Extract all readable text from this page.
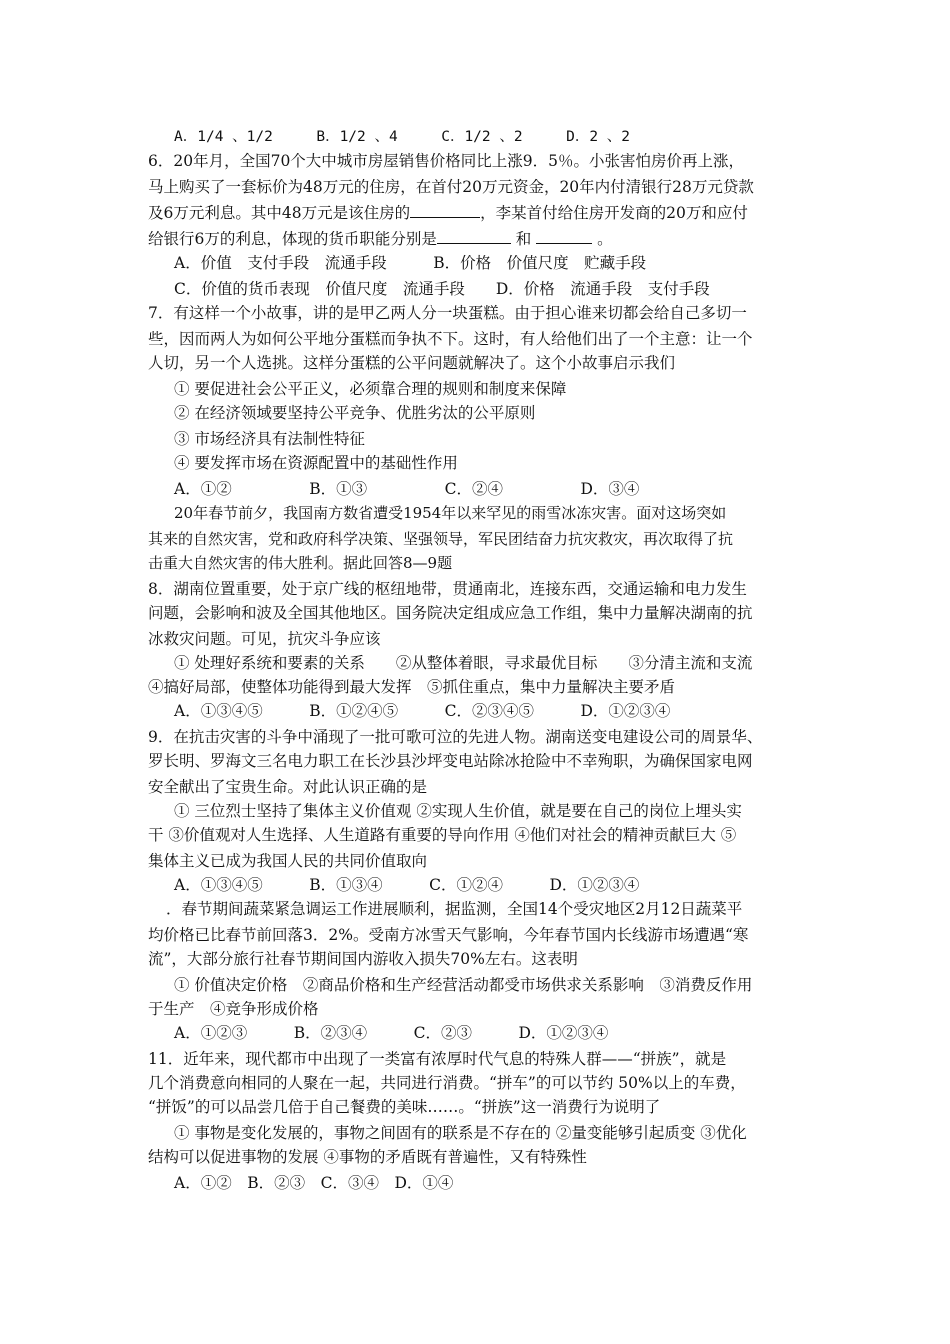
A．1/4 、1/2　　　B．1/2 、4　　　C．1/2 、2　　　D．2 、2
6．20年月，全国70个大中城市房屋销售价格同比上涨9．5％。小张害怕房价再上涨，
马上购买了一套标价为48万元的住房，在首付20万元资金，20年内付清银行28万元贷款
及6万元利息。其中48万元是该住房的	，李某首付给住房开发商的20万和应付
给银行6万的利息，体现的货币职能分别是	和	。
A．价值　支付手段　流通手段　　　B．价格　价值尺度　贮藏手段
C．价值的货币表现　价值尺度　流通手段　　D．价格　流通手段　支付手段
7．有这样一个小故事，讲的是甲乙两人分一块蛋糕。由于担心谁来切都会给自己多切一
些，因而两人为如何公平地分蛋糕而争执不下。这时，有人给他们出了一个主意：让一个
人切，另一个人选挑。这样分蛋糕的公平问题就解决了。这个小故事启示我们
① 要促进社会公平正义，必须靠合理的规则和制度来保障
② 在经济领域要坚持公平竞争、优胜劣汰的公平原则
③ 市场经济具有法制性特征
④ 要发挥市场在资源配置中的基础性作用
A．①②　　　　　B．①③　　　　　C．②④　　　　　D．③④
20年春节前夕，我国南方数省遭受1954年以来罕见的雨雪冰冻灾害。面对这场突如
其来的自然灾害，党和政府科学决策、坚强领导，军民团结奋力抗灾救灾，再次取得了抗
击重大自然灾害的伟大胜利。据此回答8—9题
8．湖南位置重要，处于京广线的枢纽地带，贯通南北，连接东西，交通运输和电力发生
问题，会影响和波及全国其他地区。国务院决定组成应急工作组，集中力量解决湖南的抗
冰救灾问题。可见，抗灾斗争应该
① 处理好系统和要素的关系　　②从整体着眼，寻求最优目标　　③分清主流和支流
④搞好局部，使整体功能得到最大发挥　⑤抓住重点，集中力量解决主要矛盾
A．①③④⑤　　　B．①②④⑤　　　C．②③④⑤　　　D．①②③④
9．在抗击灾害的斗争中涌现了一批可歌可泣的先进人物。湖南送变电建设公司的周景华、
罗长明、罗海文三名电力职工在长沙县沙坪变电站除冰抢险中不幸殉职，为确保国家电网
安全献出了宝贵生命。对此认识正确的是
① 三位烈士坚持了集体主义价值观 ②实现人生价值，就是要在自己的岗位上埋头实
干 ③价值观对人生选择、人生道路有重要的导向作用 ④他们对社会的精神贡献巨大 ⑤
集体主义已成为我国人民的共同价值取向
A．①③④⑤　　　B．①③④　　　C．①②④　　　D．①②③④
．春节期间蔬菜紧急调运工作进展顺利，据监测，全国14个受灾地区2月12日蔬菜平
均价格已比春节前回落3．2%。受南方冰雪天气影响，今年春节国内长线游市场遭遇“寒
流”，大部分旅行社春节期间国内游收入损失70%左右。这表明
① 价值决定价格　②商品价格和生产经营活动都受市场供求关系影响　③消费反作用
于生产　④竞争形成价格
A．①②③　　　B．②③④　　　C．②③　　　D．①②③④
11．近年来，现代都市中出现了一类富有浓厚时代气息的特殊人群——“拼族”，就是
几个消费意向相同的人聚在一起，共同进行消费。“拼车”的可以节约 50%以上的车费，
“拼饭”的可以品尝几倍于自己餐费的美味……。“拼族”这一消费行为说明了
① 事物是变化发展的，事物之间固有的联系是不存在的 ②量变能够引起质变 ③优化
结构可以促进事物的发展 ④事物的矛盾既有普遍性，又有特殊性
A．①②　B．②③　C．③④　D．①④
